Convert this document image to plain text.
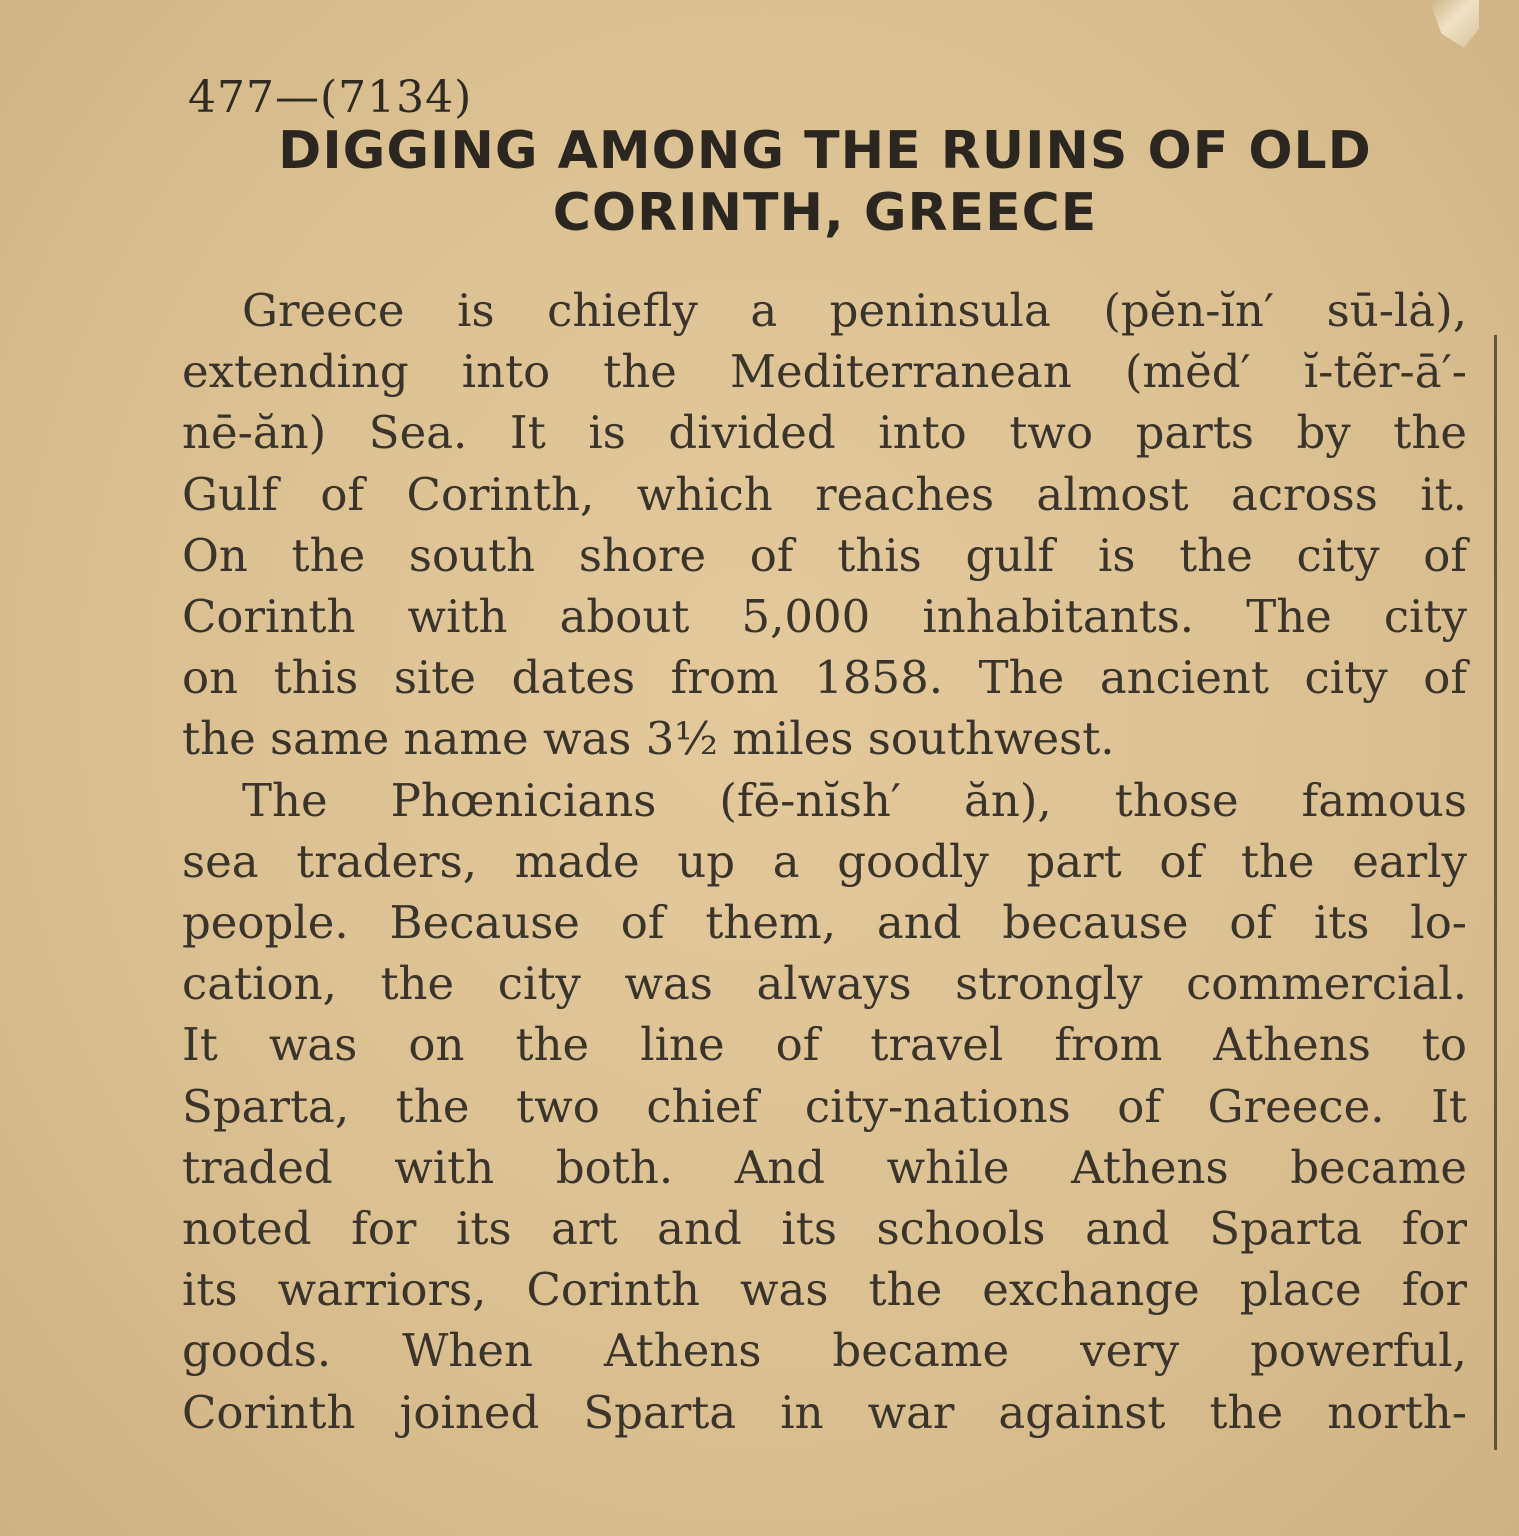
477—(7134)
DIGGING AMONG THE RUINS OF OLD CORINTH, GREECE
Greece is chiefly a peninsula (pĕn-ĭn′ sū-lȧ),
extending into the Mediterranean (mĕd′ ĭ-tẽr-ā′-
nē-ăn) Sea. It is divided into two parts by the
Gulf of Corinth, which reaches almost across it.
On the south shore of this gulf is the city of
Corinth with about 5,000 inhabitants. The city
on this site dates from 1858. The ancient city of
the same name was 3½ miles southwest.
The Phœnicians (fē-nĭsh′ ăn), those famous
sea traders, made up a goodly part of the early
people. Because of them, and because of its lo-
cation, the city was always strongly commercial.
It was on the line of travel from Athens to
Sparta, the two chief city-nations of Greece. It
traded with both. And while Athens became
noted for its art and its schools and Sparta for
its warriors, Corinth was the exchange place for
goods. When Athens became very powerful,
Corinth joined Sparta in war against the north-
